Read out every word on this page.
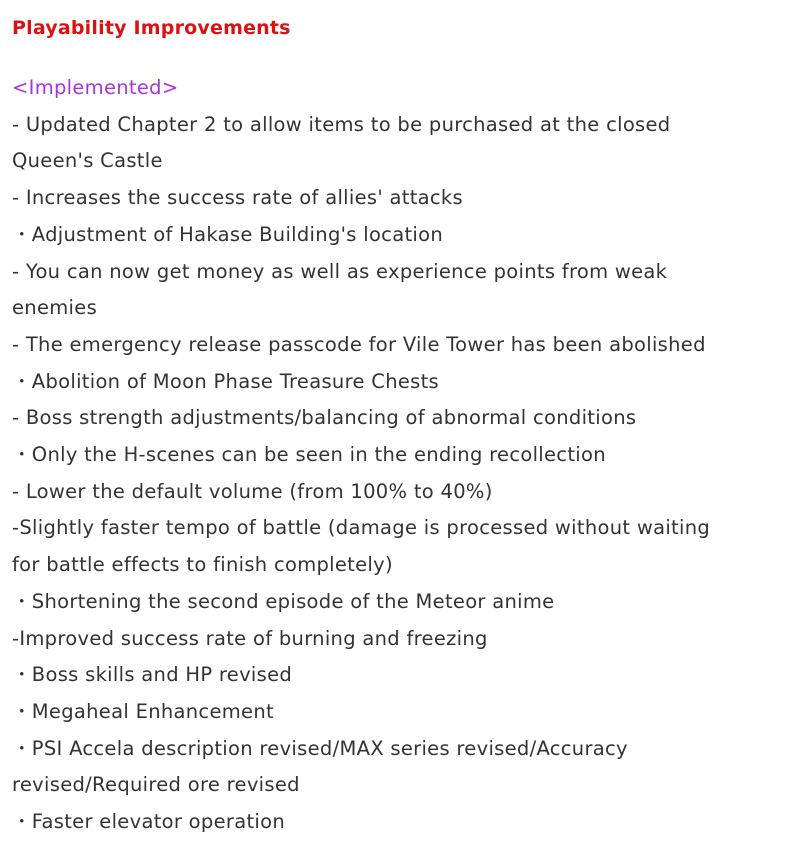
Playability Improvements
<Implemented>
- Updated Chapter 2 to allow items to be purchased at the closed
Queen's Castle
- Increases the success rate of allies' attacks
・Adjustment of Hakase Building's location
- You can now get money as well as experience points from weak
enemies
- The emergency release passcode for Vile Tower has been abolished
・Abolition of Moon Phase Treasure Chests
- Boss strength adjustments/balancing of abnormal conditions
・Only the H-scenes can be seen in the ending recollection
- Lower the default volume (from 100% to 40%)
-Slightly faster tempo of battle (damage is processed without waiting
for battle effects to finish completely)
・Shortening the second episode of the Meteor anime
-Improved success rate of burning and freezing
・Boss skills and HP revised
・Megaheal Enhancement
・PSI Accela description revised/MAX series revised/Accuracy
revised/Required ore revised
・Faster elevator operation
